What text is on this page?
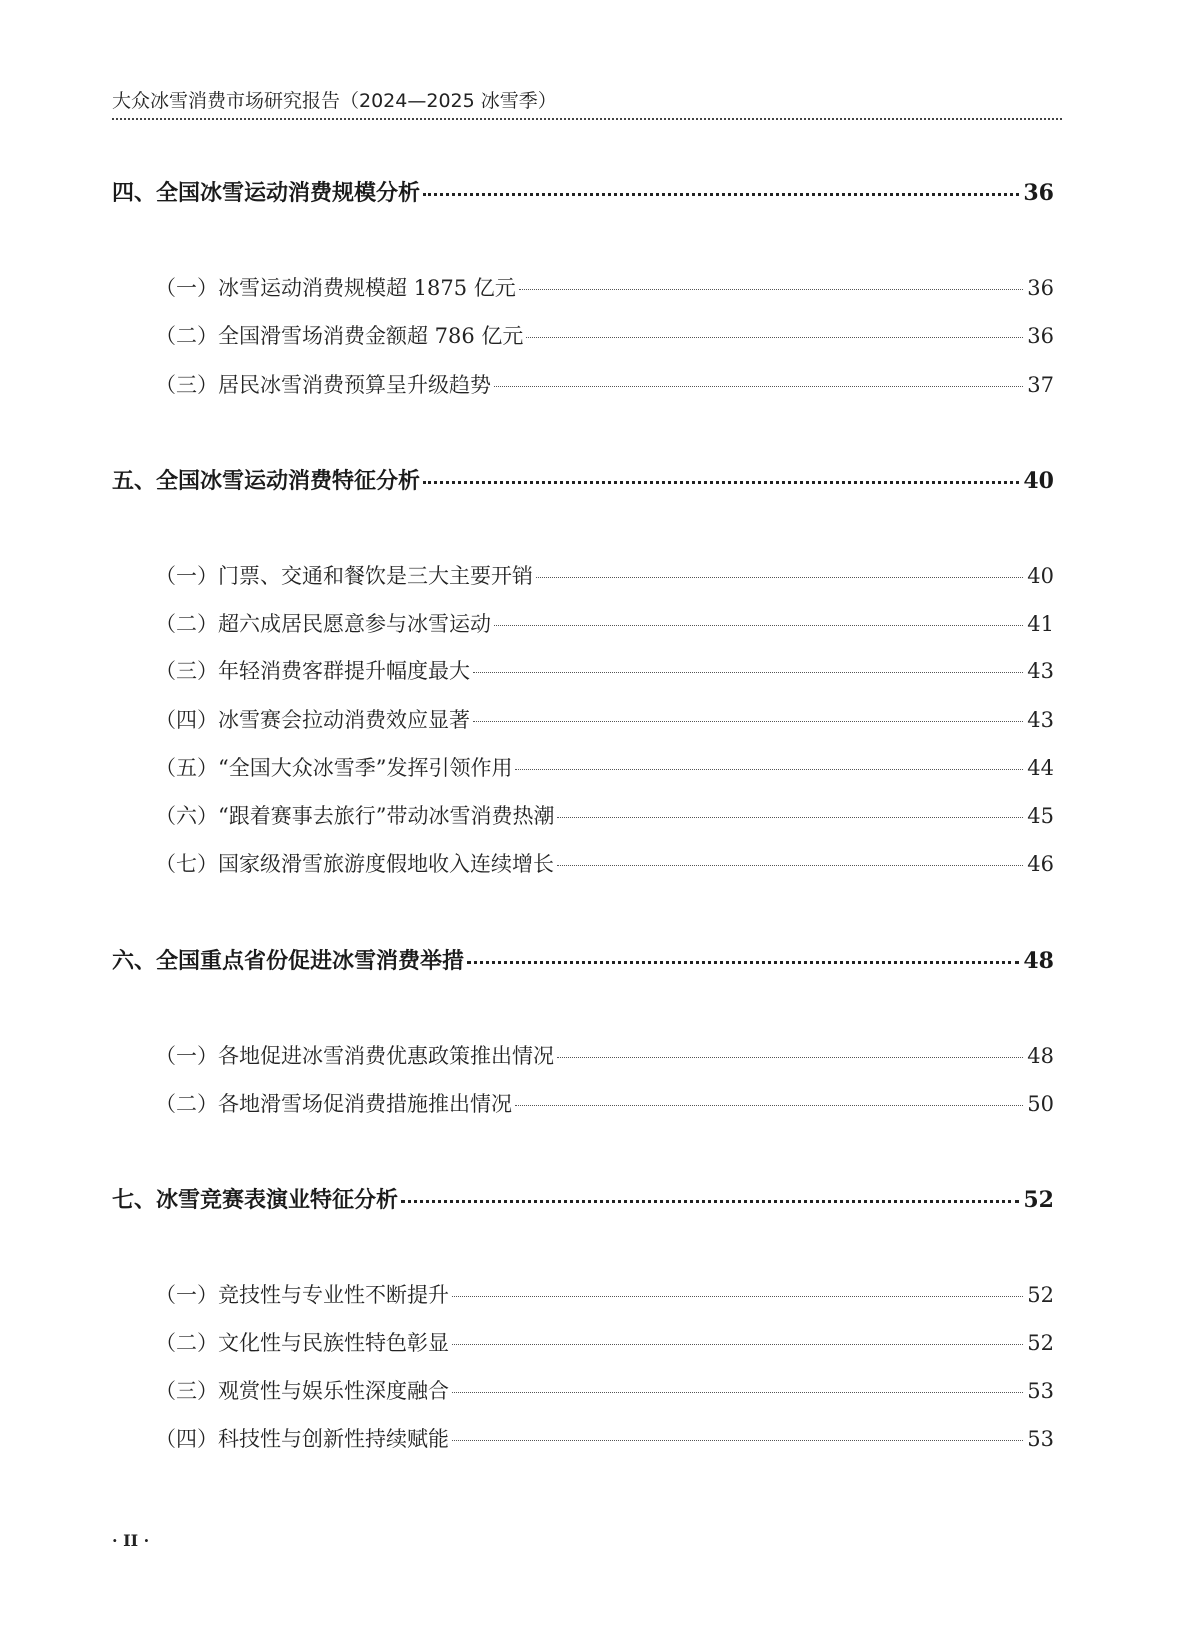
大众冰雪消费市场研究报告（2024—2025 冰雪季）
四、全国冰雪运动消费规模分析	36
（一）冰雪运动消费规模超 1875 亿元	36
（二）全国滑雪场消费金额超 786 亿元	36
（三）居民冰雪消费预算呈升级趋势	37
五、全国冰雪运动消费特征分析	40
（一）门票、交通和餐饮是三大主要开销	40
（二）超六成居民愿意参与冰雪运动	41
（三）年轻消费客群提升幅度最大	43
（四）冰雪赛会拉动消费效应显著	43
（五）“全国大众冰雪季”发挥引领作用	44
（六）“跟着赛事去旅行”带动冰雪消费热潮	45
（七）国家级滑雪旅游度假地收入连续增长	46
六、全国重点省份促进冰雪消费举措	48
（一）各地促进冰雪消费优惠政策推出情况	48
（二）各地滑雪场促消费措施推出情况	50
七、冰雪竞赛表演业特征分析	52
（一）竞技性与专业性不断提升	52
（二）文化性与民族性特色彰显	52
（三）观赏性与娱乐性深度融合	53
（四）科技性与创新性持续赋能	53
· II ·
